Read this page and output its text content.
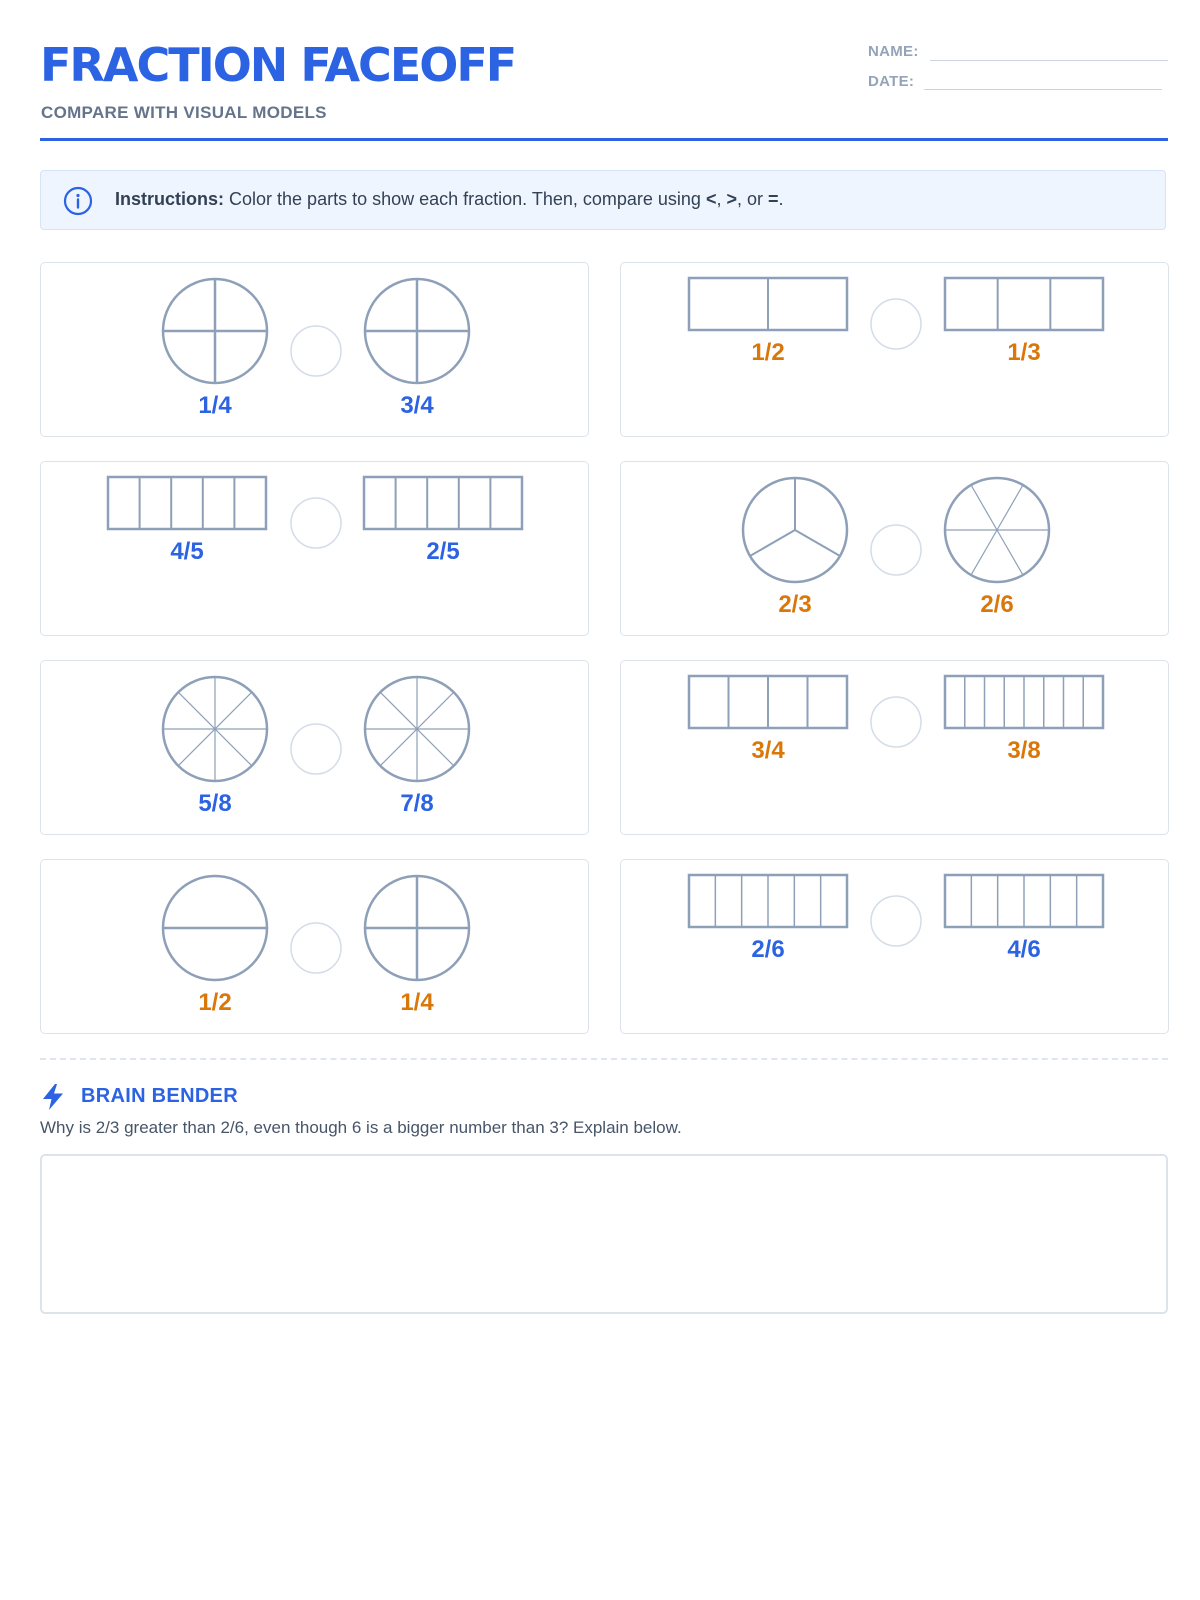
FRACTION FACEOFF
COMPARE WITH VISUAL MODELS
NAME:
DATE:
Instructions: Color the parts to show each fraction. Then, compare using <, >, or =.
1/4	3/4
1/2	1/3
4/5	2/5
2/3	2/6
5/8	7/8
3/4	3/8
1/2	1/4
2/6	4/6
BRAIN BENDER
Why is 2/3 greater than 2/6, even though 6 is a bigger number than 3? Explain below.
